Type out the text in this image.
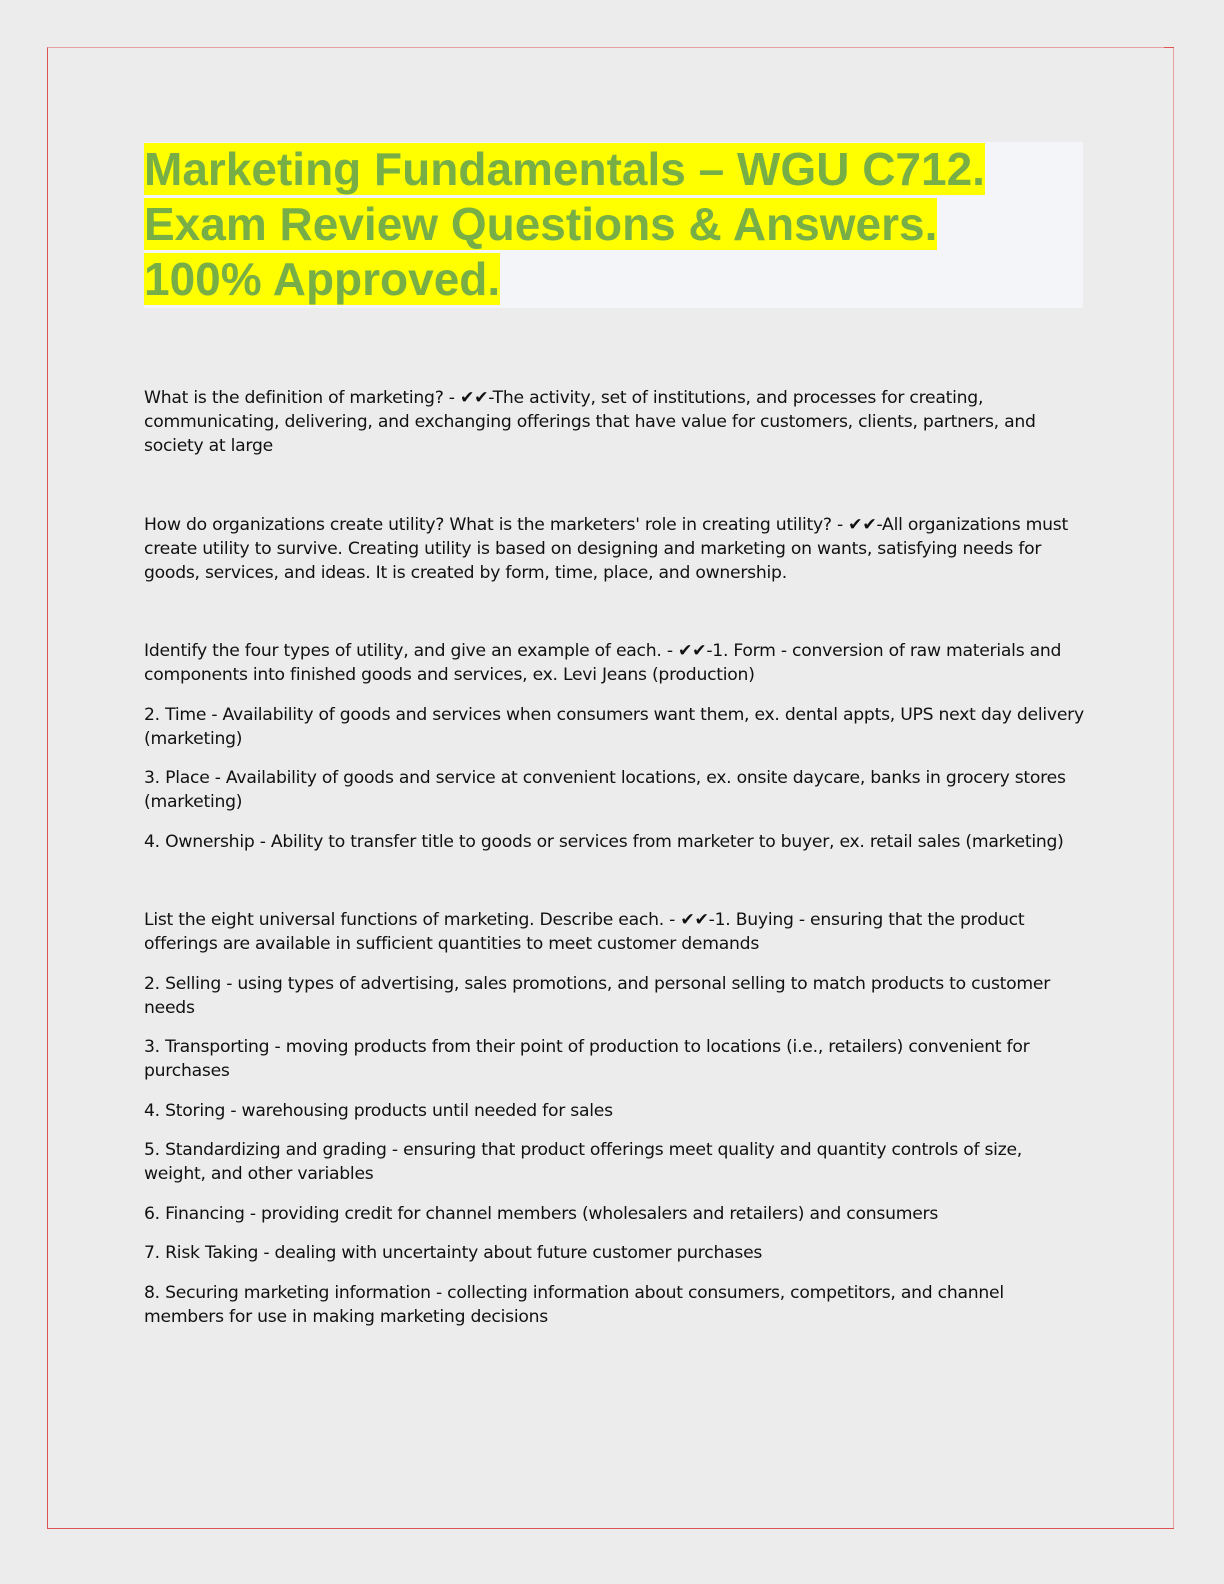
Marketing Fundamentals – WGU C712.
Exam Review Questions & Answers.
100% Approved.

What is the definition of marketing? - ✔✔-The activity, set of institutions, and processes for creating, communicating, delivering, and exchanging offerings that have value for customers, clients, partners, and society at large

How do organizations create utility? What is the marketers' role in creating utility? - ✔✔-All organizations must create utility to survive. Creating utility is based on designing and marketing on wants, satisfying needs for goods, services, and ideas. It is created by form, time, place, and ownership.

Identify the four types of utility, and give an example of each. - ✔✔-1. Form - conversion of raw materials and components into finished goods and services, ex. Levi Jeans (production)

2. Time - Availability of goods and services when consumers want them, ex. dental appts, UPS next day delivery (marketing)

3. Place - Availability of goods and service at convenient locations, ex. onsite daycare, banks in grocery stores (marketing)

4. Ownership - Ability to transfer title to goods or services from marketer to buyer, ex. retail sales (marketing)

List the eight universal functions of marketing. Describe each. - ✔✔-1. Buying - ensuring that the product offerings are available in sufficient quantities to meet customer demands

2. Selling - using types of advertising, sales promotions, and personal selling to match products to customer needs

3. Transporting - moving products from their point of production to locations (i.e., retailers) convenient for purchases

4. Storing - warehousing products until needed for sales

5. Standardizing and grading - ensuring that product offerings meet quality and quantity controls of size, weight, and other variables

6. Financing - providing credit for channel members (wholesalers and retailers) and consumers

7. Risk Taking - dealing with uncertainty about future customer purchases

8. Securing marketing information - collecting information about consumers, competitors, and channel members for use in making marketing decisions
